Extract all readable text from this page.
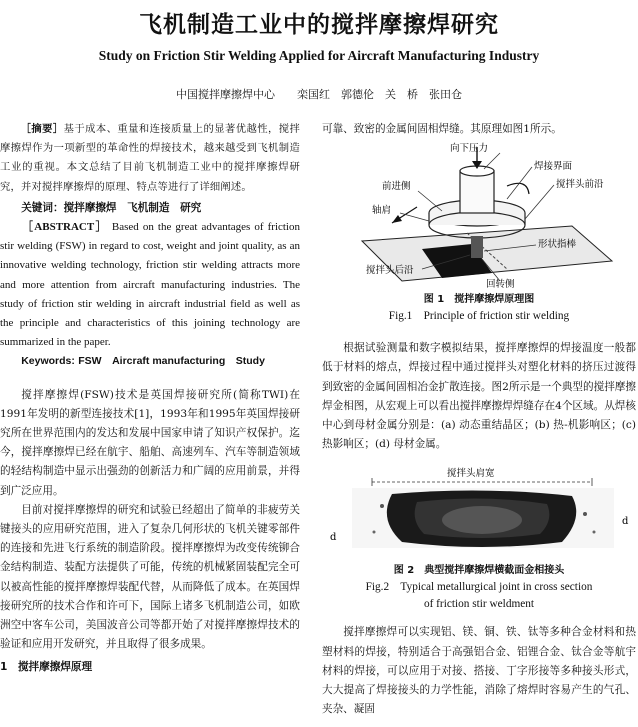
飞机制造工业中的搅拌摩擦焊研究
Study on Friction Stir Welding Applied for Aircraft Manufacturing Industry
中国搅拌摩擦焊中心　　栾国红　郭德伦　关　桥　张田仓

［摘要］基于成本、重量和连接质量上的显著优越性，搅拌摩擦焊作为一项新型的革命性的焊接技术，越来越受到飞机制造工业的重视。本文总结了目前飞机制造工业中的搅拌摩擦焊研究，并对搅拌摩擦焊的原理、特点等进行了详细阐述。

关键词：搅拌摩擦焊　飞机制造　研究

［ABSTRACT］ Based on the great advantages of friction stir welding (FSW) in regard to cost, weight and joint quality, as an innovative welding technology, friction stir welding attracts more and more attention from aircraft manufacturing industries. The study of friction stir welding in aircraft industrial field as well as the principle and characteristics of this joining technology are summarized in the paper.

Keywords: FSW　Aircraft manufacturing　Study

搅拌摩擦焊(FSW)技术是英国焊接研究所(简称TWI)在1991年发明的新型连接技术[1]，1993年和1995年英国焊接研究所在世界范围内的发达和发展中国家申请了知识产权保护。迄今，搅拌摩擦焊已经在航宇、船舶、高速列车、汽车等制造领域的轻结构制造中显示出强劲的创新活力和广阔的应用前景，并得到广泛应用。

目前对搅拌摩擦焊的研究和试验已经超出了简单的非疲劳关键接头的应用研究范围，进入了复杂几何形状的飞机关键零部件的连接和先进飞行系统的制造阶段。搅拌摩擦焊为改变传统铆合金结构制造、装配方法提供了可能，传统的机械紧固装配完全可以被高性能的搅拌摩擦焊装配代替，从而降低了成本。在英国焊接研究所的技术合作和许可下，国际上诸多飞机制造公司，如欧洲空中客车公司，美国波音公司等都开始了对搅拌摩擦焊技术的验证和应用开发研究，并且取得了很多成果。

1　搅拌摩擦焊原理

可靠、致密的金属间固相焊缝。其原理如图1所示。

向下压力
焊接界面
前进侧	搅拌头前沿
轴肩
形状指棒
搅拌头后沿
回转侧
图 1　搅拌摩擦焊原理图
Fig.1　Principle of friction stir welding

根据试验测量和数字模拟结果，搅拌摩擦焊的焊接温度一般都低于材料的熔点，焊接过程中通过搅拌头对塑化材料的挤压过渡得到致密的金属间固相冶金扩散连接。图2所示是一个典型的搅拌摩擦焊金相图，从宏观上可以看出搅拌摩擦焊焊缝存在4个区域。从焊核中心到母材金属分别是：(a) 动态重结晶区；(b) 热-机影响区；(c) 热影响区；(d) 母材金属。

搅拌头肩宽
d
d
图 2　典型搅拌摩擦焊横截面金相接头
Fig.2　Typical metallurgical joint in cross section
of friction stir weldment

搅拌摩擦焊可以实现铝、镁、铜、铁、钛等多种合金材料和热塑材料的焊接，特别适合于高强铝合金、铝锂合金、钛合金等航宇材料的焊接，可以应用于对接、搭接、丁字形接等多种接头形式，大大提高了焊接接头的力学性能，消除了熔焊时容易产生的气孔、夹杂、凝固
